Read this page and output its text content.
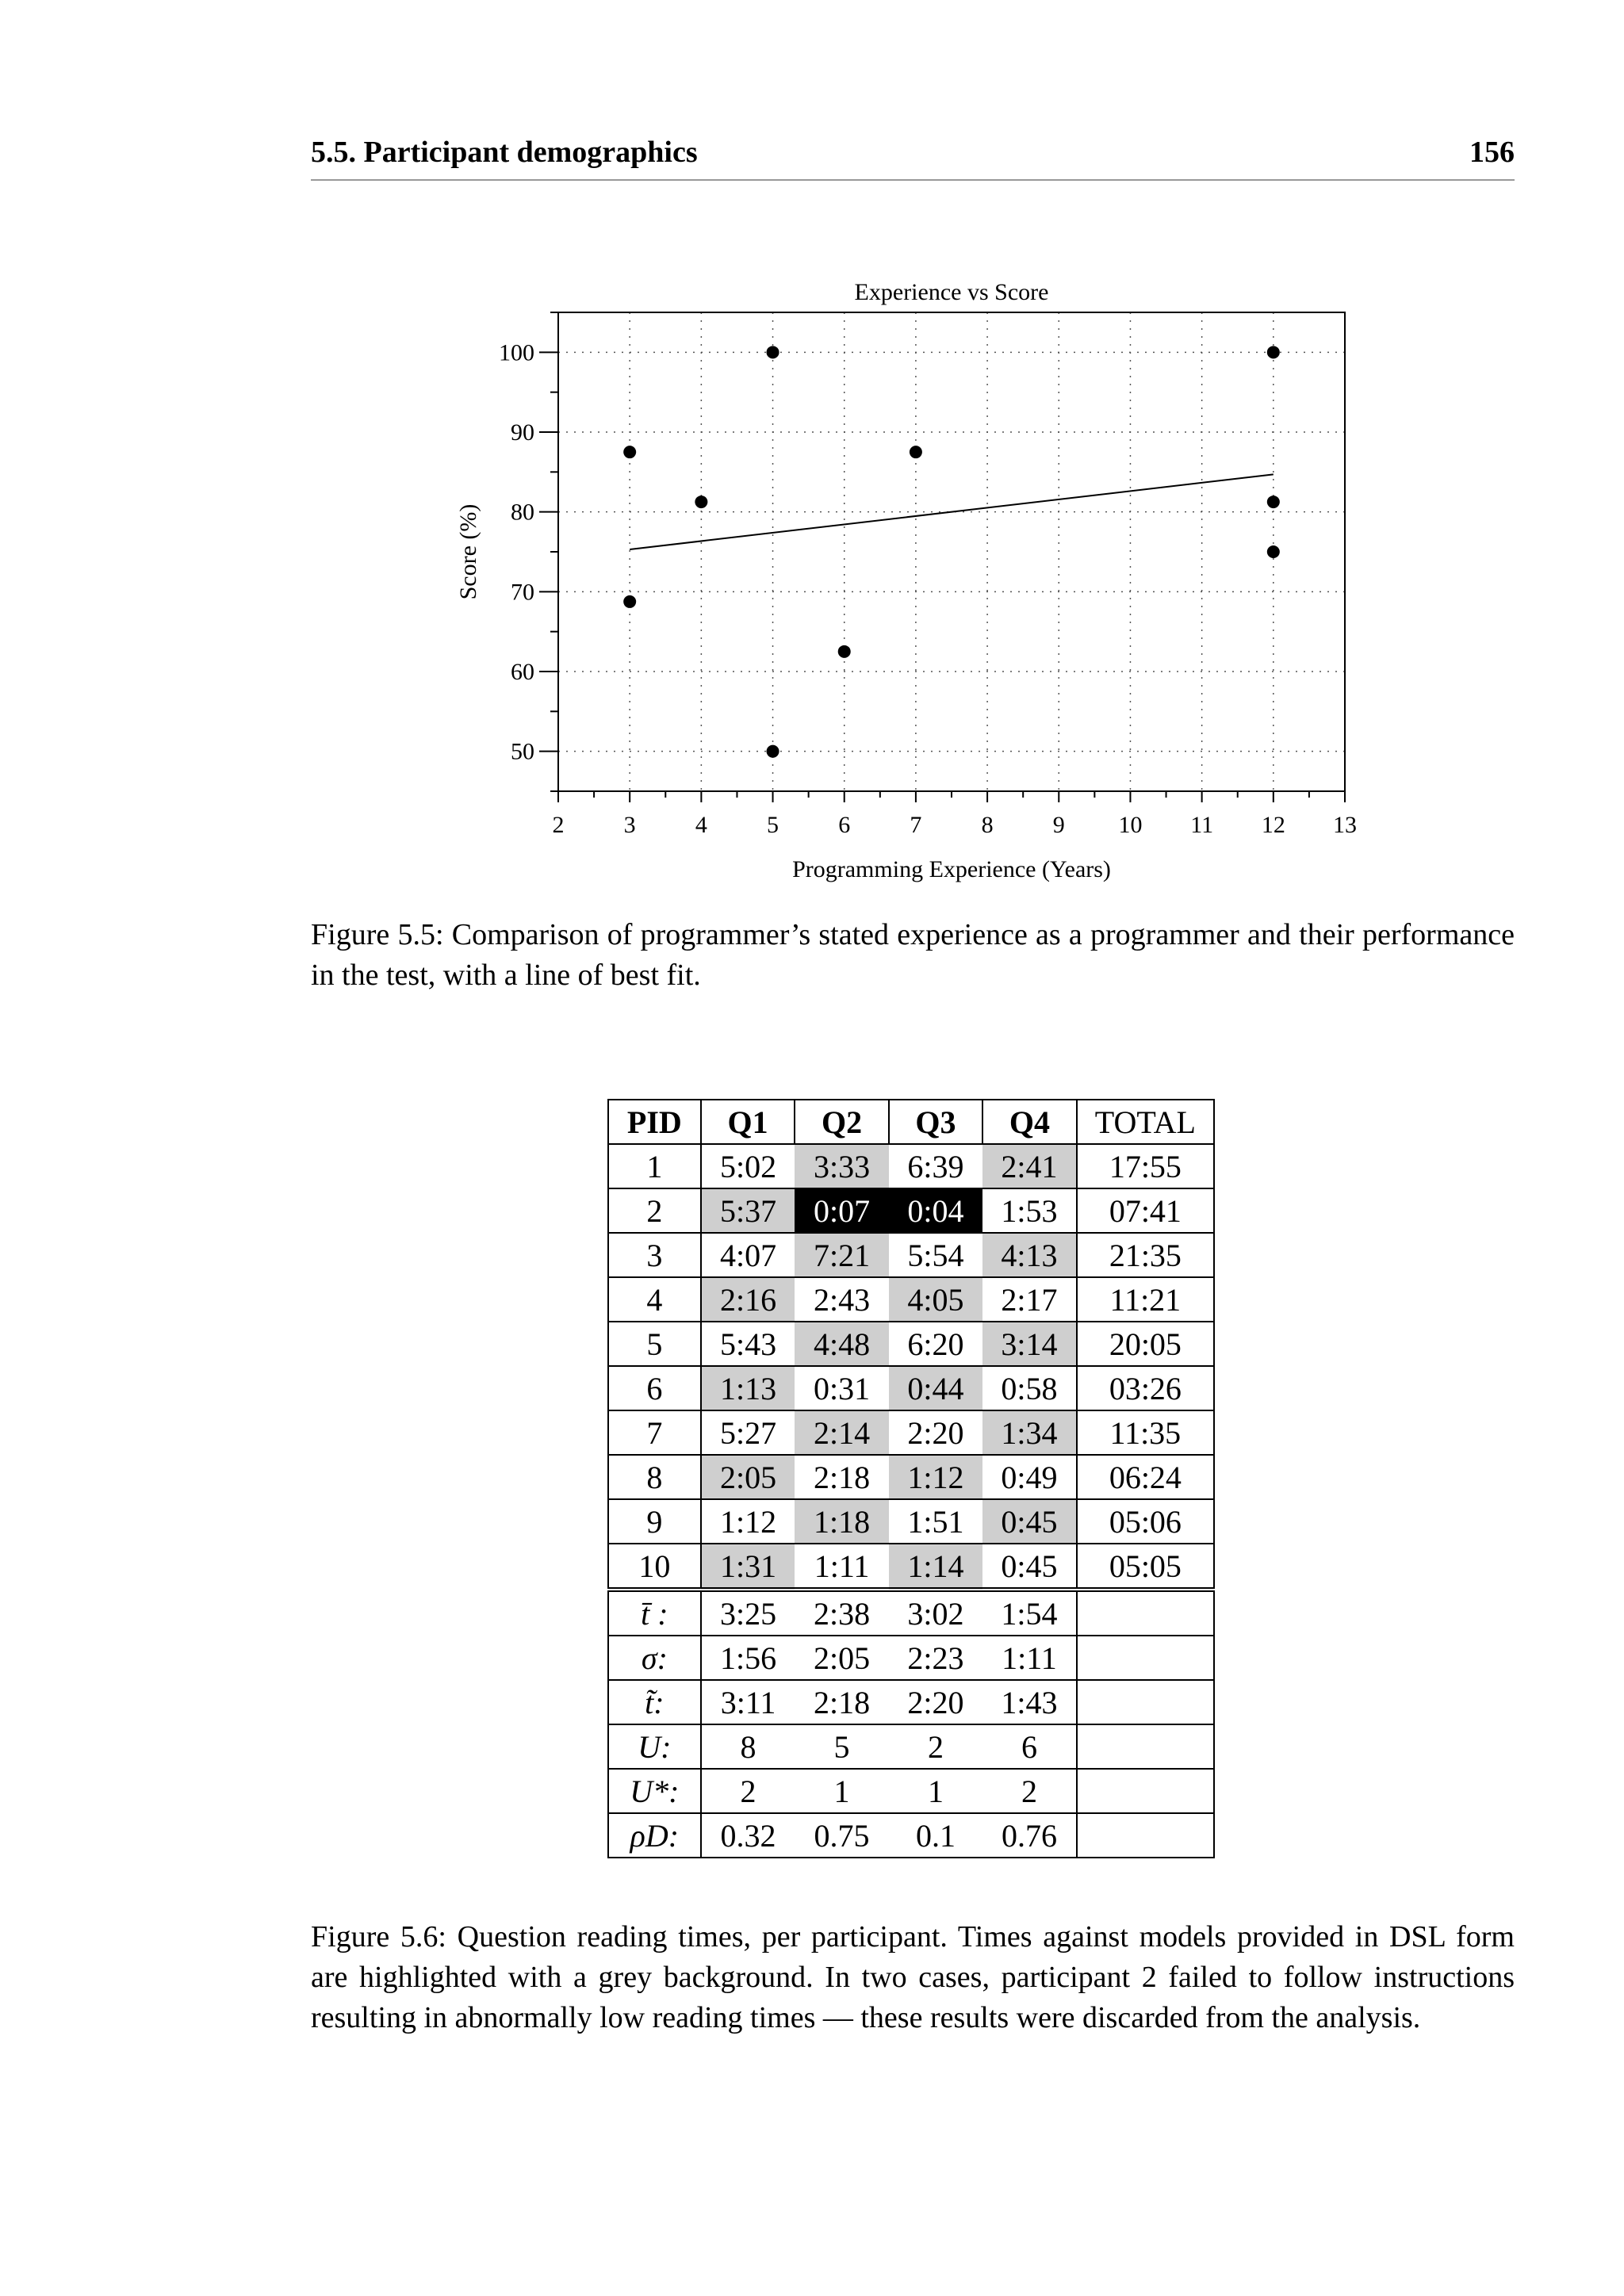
5.5. Participant demographics	156
Experience vs Score
2	3	4	5	6	7	8	9 10 11 12 13
50
60
70
80
90
100
Programming Experience (Years)
Score (%)
Figure 5.5: Comparison of programmer’s stated experience as a programmer and their performance in the test, with a line of best fit.
PID	Q1	Q2	Q3	Q4	TOTAL
1	5:02	3:33	6:39	2:41	17:55
2	5:37	0:07	0:04	1:53	07:41
3	4:07	7:21	5:54	4:13	21:35
4	2:16	2:43	4:05	2:17	11:21
5	5:43	4:48	6:20	3:14	20:05
6	1:13	0:31	0:44	0:58	03:26
7	5:27	2:14	2:20	1:34	11:35
8	2:05	2:18	1:12	0:49	06:24
9	1:12	1:18	1:51	0:45	05:06
10	1:31	1:11	1:14	0:45	05:05
t̄ :	3:25	2:38	3:02	1:54	
σ:	1:56	2:05	2:23	1:11	
t̃:	3:11	2:18	2:20	1:43	
U:	8	5	2	6	
U*:	2	1	1	2	
ρD:	0.32	0.75	0.1	0.76	
Figure 5.6: Question reading times, per participant. Times against models provided in DSL form are highlighted with a grey background. In two cases, participant 2 failed to follow instructions resulting in abnormally low reading times — these results were discarded from the analysis.
